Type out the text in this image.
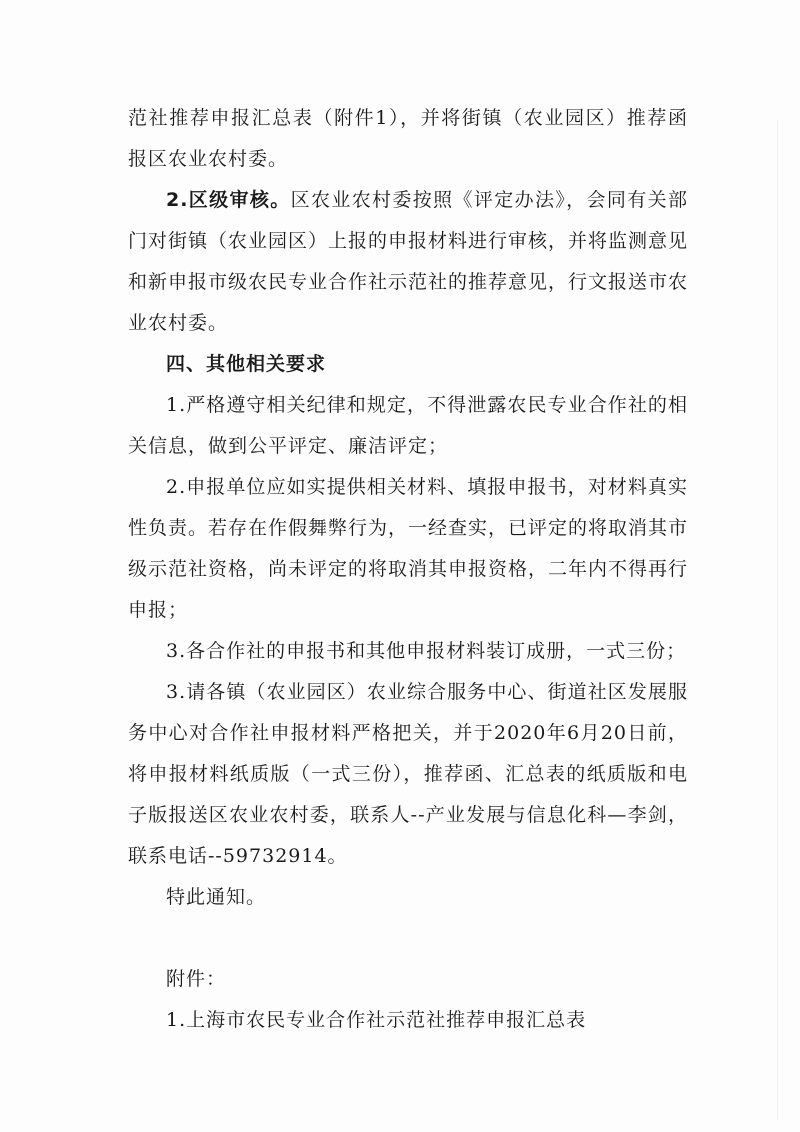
范社推荐申报汇总表（附件1），并将街镇（农业园区）推荐函报区农业农村委。

2.区级审核。区农业农村委按照《评定办法》，会同有关部门对街镇（农业园区）上报的申报材料进行审核，并将监测意见和新申报市级农民专业合作社示范社的推荐意见，行文报送市农业农村委。

四、其他相关要求

1.严格遵守相关纪律和规定，不得泄露农民专业合作社的相关信息，做到公平评定、廉洁评定；

2.申报单位应如实提供相关材料、填报申报书，对材料真实性负责。若存在作假舞弊行为，一经查实，已评定的将取消其市级示范社资格，尚未评定的将取消其申报资格，二年内不得再行申报；

3.各合作社的申报书和其他申报材料装订成册，一式三份；

3.请各镇（农业园区）农业综合服务中心、街道社区发展服务中心对合作社申报材料严格把关，并于2020年6月20日前，将申报材料纸质版（一式三份），推荐函、汇总表的纸质版和电子版报送区农业农村委，联系人--产业发展与信息化科—李剑，联系电话--59732914。

特此通知。

附件：

1.上海市农民专业合作社示范社推荐申报汇总表
